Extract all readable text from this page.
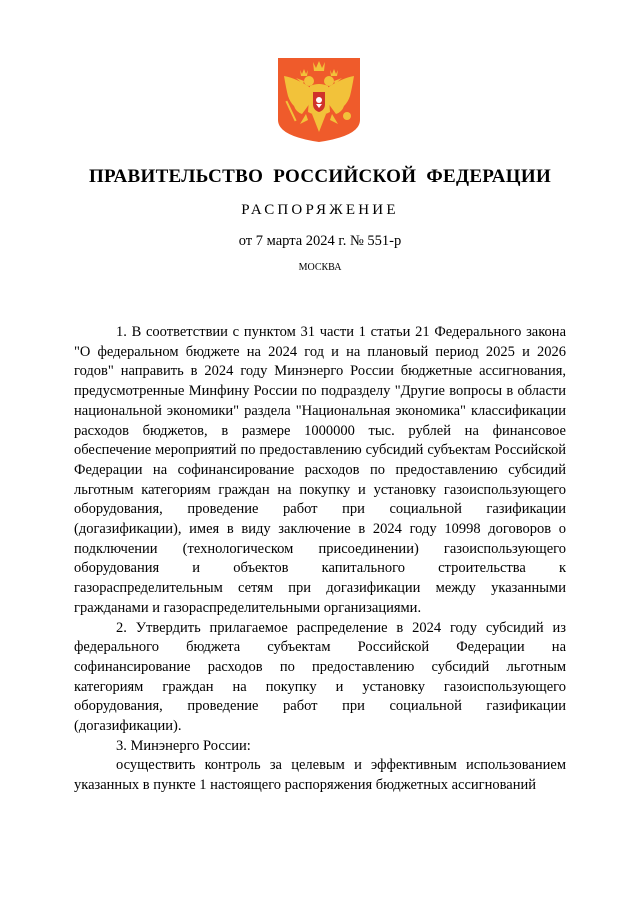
ПРАВИТЕЛЬСТВО РОССИЙСКОЙ ФЕДЕРАЦИИ
РАСПОРЯЖЕНИЕ
от 7 марта 2024 г. № 551-р
МОСКВА

1. В соответствии с пунктом 31 части 1 статьи 21 Федерального закона "О федеральном бюджете на 2024 год и на плановый период 2025 и 2026 годов" направить в 2024 году Минэнерго России бюджетные ассигнования, предусмотренные Минфину России по подразделу "Другие вопросы в области национальной экономики" раздела "Национальная экономика" классификации расходов бюджетов, в размере 1000000 тыс. рублей на финансовое обеспечение мероприятий по предоставлению субсидий субъектам Российской Федерации на софинансирование расходов по предоставлению субсидий льготным категориям граждан на покупку и установку газоиспользующего оборудования, проведение работ при социальной газификации (догазификации), имея в виду заключение в 2024 году 10998 договоров о подключении (технологическом присоединении) газоиспользующего оборудования и объектов капитального строительства к газораспределительным сетям при догазификации между указанными гражданами и газораспределительными организациями.

2. Утвердить прилагаемое распределение в 2024 году субсидий из федерального бюджета субъектам Российской Федерации на софинансирование расходов по предоставлению субсидий льготным категориям граждан на покупку и установку газоиспользующего оборудования, проведение работ при социальной газификации (догазификации).

3. Минэнерго России:

осуществить контроль за целевым и эффективным использованием указанных в пункте 1 настоящего распоряжения бюджетных ассигнований
